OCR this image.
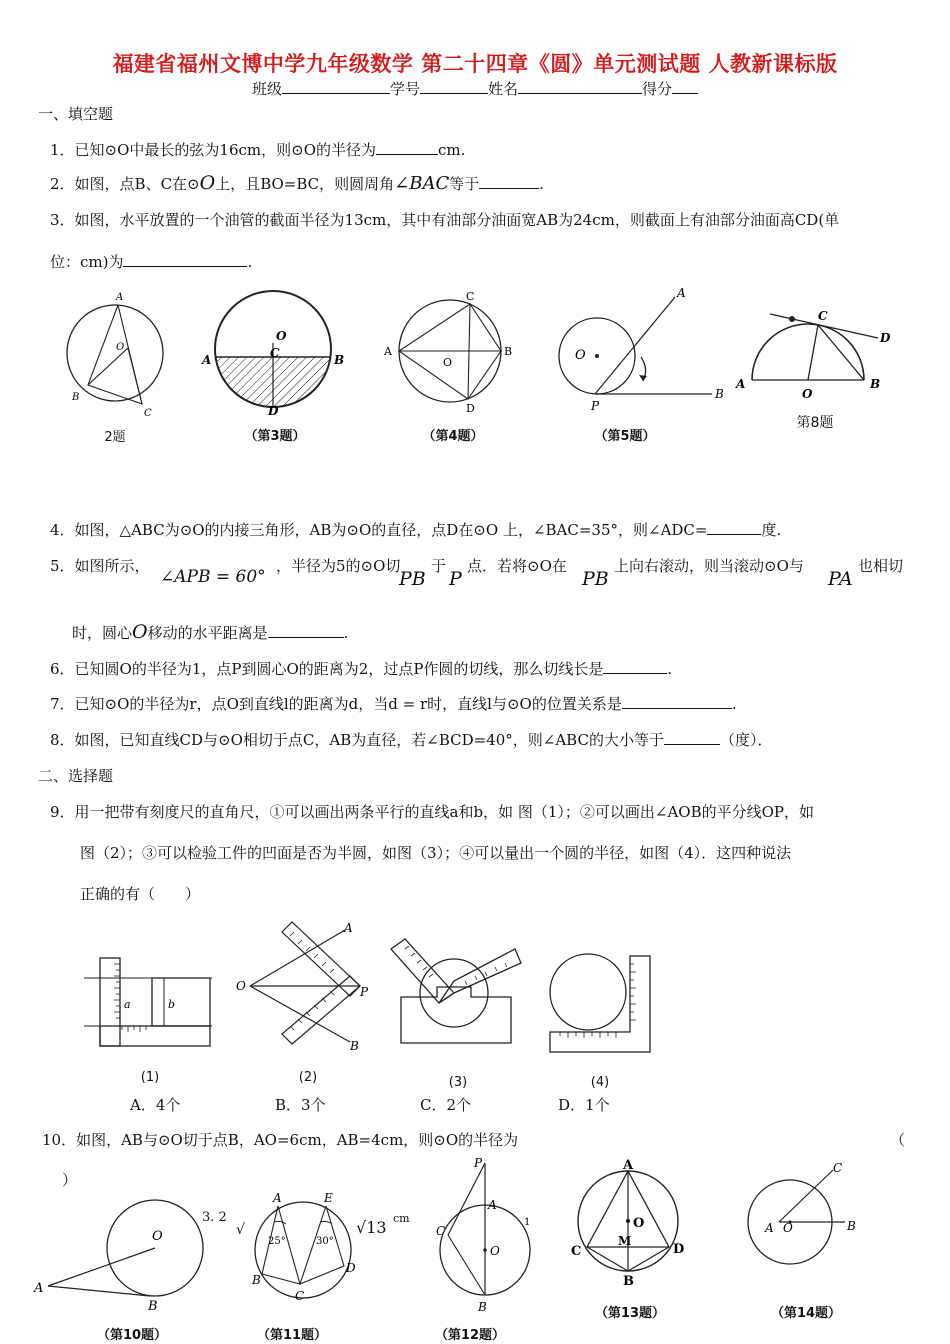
福建省福州文博中学九年级数学 第二十四章《圆》单元测试题 人教新课标版
班级	学号	姓名	得分
一、填空题
1．已知⊙O中最长的弦为16cm，则⊙O的半径为	cm.
2．如图，点B、C在⊙O上，且BO=BC，则圆周角∠BAC等于	.
3．如图，水平放置的一个油管的截面半径为13cm，其中有油部分油面宽AB为24cm，则截面上有油部分油面高CD(单
位：cm)为	.
A
O
B
C
2题
A	B
O
C
D
（第3题）
A	B
C
D
O
（第4题）
O
P
B
A
（第5题）
A	B
C
D
O
第8题
4．如图，△ABC为⊙O的内接三角形，AB为⊙O的直径，点D在⊙O 上，∠BAC=35°，则∠ADC=	度.
5．如图所示，
∠APB = 60°
，半径为5的⊙O切
PB
于
P
点．若将⊙O在
PB
上向右滚动，则当滚动⊙O与
PA
也相切
时，圆心O移动的水平距离是	.
6．已知圆O的半径为1，点P到圆心O的距离为2，过点P作圆的切线，那么切线长是	.
7．已知⊙O的半径为r，点O到直线l的距离为d，当d = r时，直线l与⊙O的位置关系是	.
8．如图，已知直线CD与⊙O相切于点C，AB为直径，若∠BCD=40°，则∠ABC的大小等于	（度）．
二、选择题
9．用一把带有刻度尺的直角尺，①可以画出两条平行的直线a和b，如 图（1）；②可以画出∠AOB的平分线OP，如
图（2）；③可以检验工件的凹面是否为半圆，如图（3）；④可以量出一个圆的半径，如图（4）．这四种说法
正确的有（　　）
a	b
O
A
B
P
(1)	(2)	(3)	(4)
A．4个	B．3个	C．2个	D．1个
10．如图，AB与⊙O切于点B，AO=6cm，AB=4cm，则⊙O的半径为	（
）
O
A
B
（第10题）
3. 2
√
A	E
25°	30°
B
D
C
（第11题）
√13 cm
P
A
C
O
B
1
（第12题）
A
O
M
C	D
B
（第13题）
A O	B
C
（第14题）
